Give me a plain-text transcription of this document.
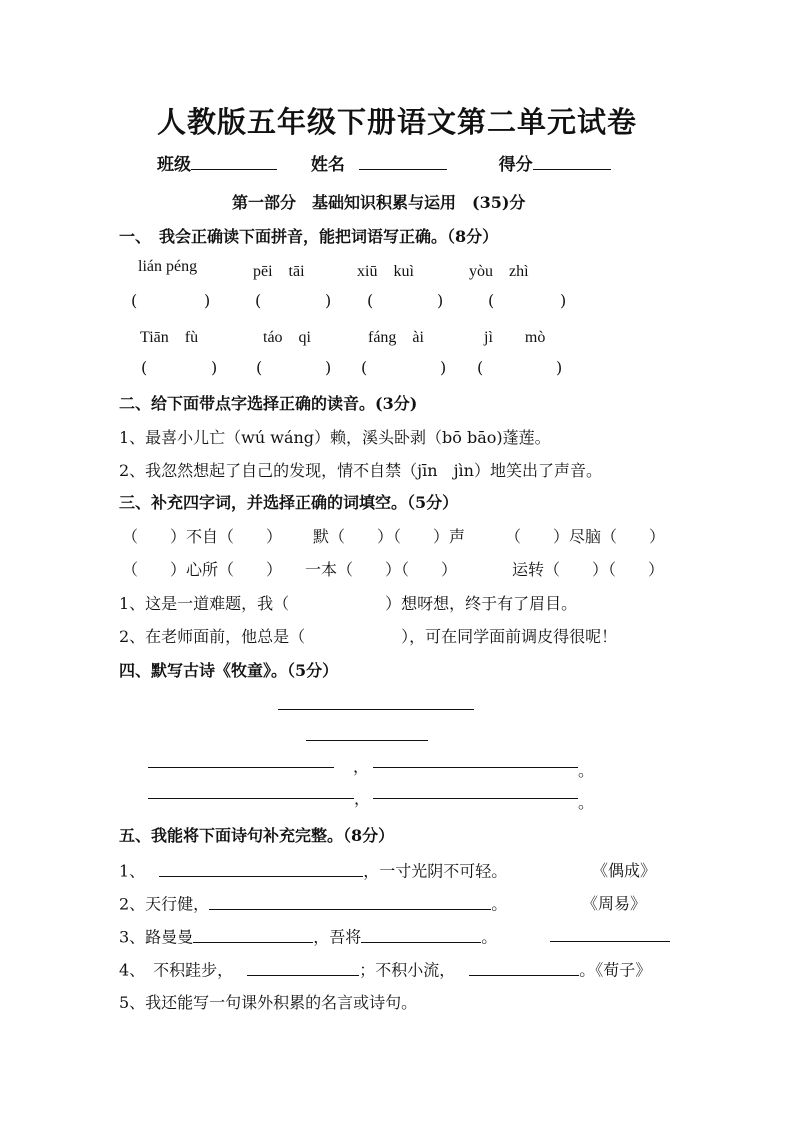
人教版五年级下册语文第二单元试卷
班级	姓名	得分
第一部分　基础知识积累与运用　(35)分
一、　我会正确读下面拼音，能把词语写正确。（8分）
lián péng	pēi　tāi	xiū　kuì	yòu　zhì
(	)	(	) (	)	(	)
Tiān　fù	táo　qi	fáng　ài	jì　　mò
(	) (	) (	) (	)
二、给下面带点字选择正确的读音。(3分)
1、最喜小儿亡（wú wáng）赖，溪头卧剥（bō bāo)蓬莲。
2、我忽然想起了自己的发现，情不自禁（jīn　jìn）地笑出了声音。
三、补充四字词，并选择正确的词填空。（5分）
（　　）不自（　　） 默（　　）（　　）声 （　　）尽脑（　　）
（　　）心所（　　） 一本（　　）（　　）	运转（　　）（　　）
1、这是一道难题，我（　　　　　　）想呀想，终于有了眉目。
2、在老师面前，他总是（　　　　　　），可在同学面前调皮得很呢！
四、默写古诗《牧童》。（5分）
，	。
，	。
五、我能将下面诗句补充完整。（8分）
1、	，一寸光阴不可轻。	《偶成》
2、天行健，	。	《周易》
3、路曼曼	，吾将	。
4、　不积跬步，	；不积小流，	。《荀子》
5、我还能写一句课外积累的名言或诗句。
